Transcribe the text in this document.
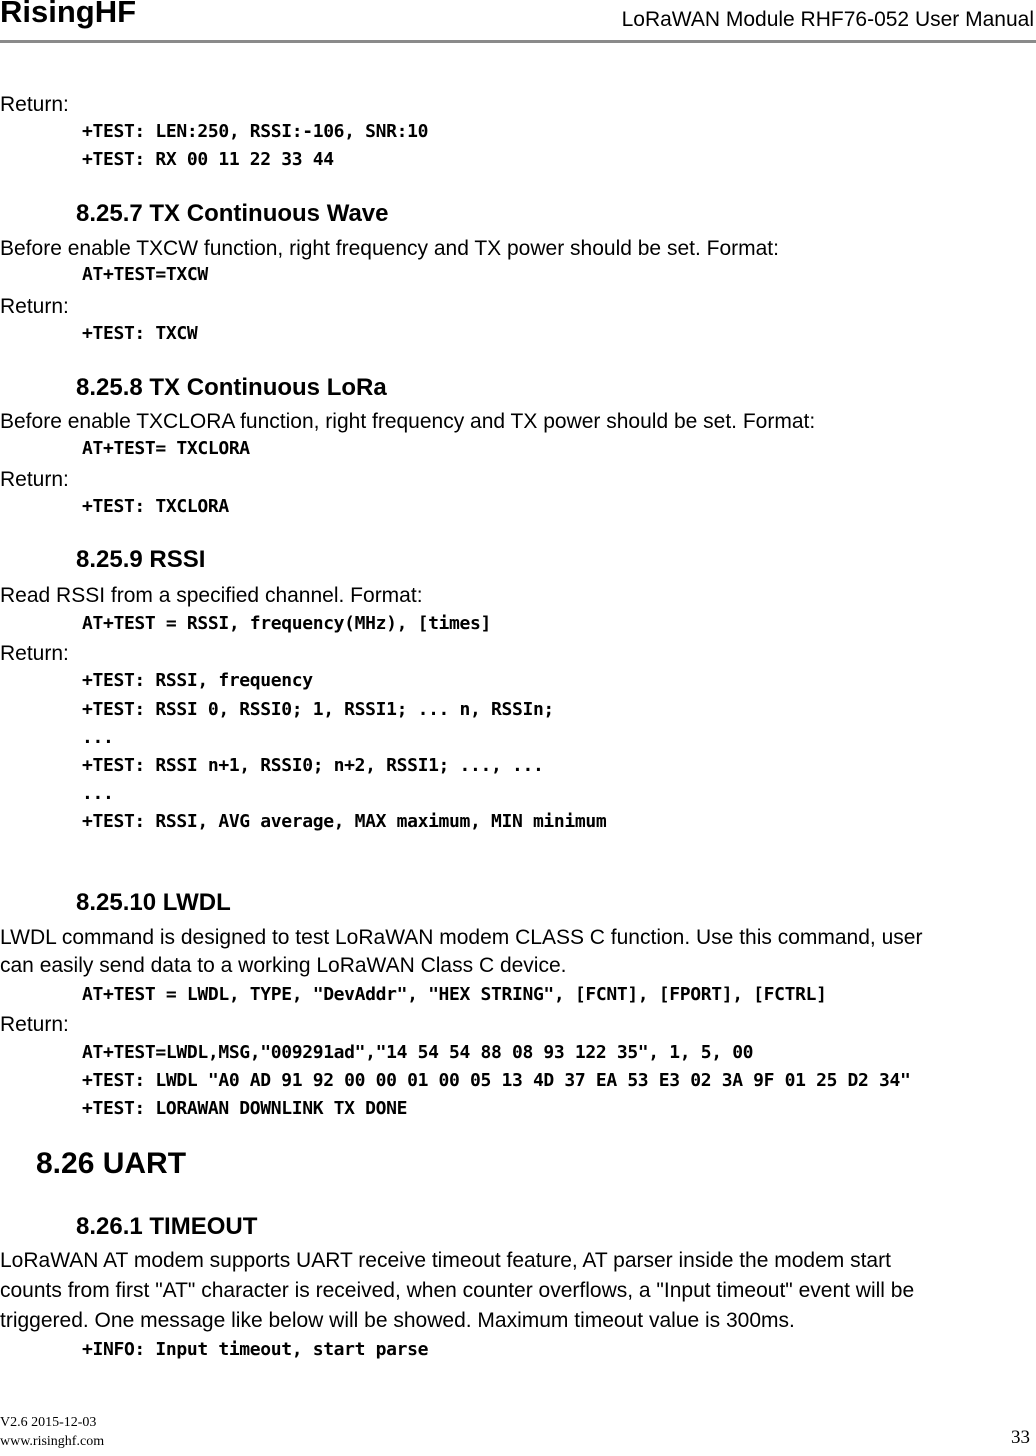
RisingHF	LoRaWAN Module RHF76-052 User Manual
Return:
+TEST: LEN:250, RSSI:-106, SNR:10
+TEST: RX 00 11 22 33 44
8.25.7 TX Continuous Wave
Before enable TXCW function, right frequency and TX power should be set. Format:
AT+TEST=TXCW
Return:
+TEST: TXCW
8.25.8 TX Continuous LoRa
Before enable TXCLORA function, right frequency and TX power should be set. Format:
AT+TEST= TXCLORA
Return:
+TEST: TXCLORA
8.25.9 RSSI
Read RSSI from a specified channel. Format:
AT+TEST = RSSI, frequency(MHz), [times]
Return:
+TEST: RSSI, frequency
+TEST: RSSI 0, RSSI0; 1, RSSI1; ... n, RSSIn;
...
+TEST: RSSI n+1, RSSI0; n+2, RSSI1; ..., ...
...
+TEST: RSSI, AVG average, MAX maximum, MIN minimum
8.25.10 LWDL
LWDL command is designed to test LoRaWAN modem CLASS C function. Use this command, user
can easily send data to a working LoRaWAN Class C device.
AT+TEST = LWDL, TYPE, "DevAddr", "HEX STRING", [FCNT], [FPORT], [FCTRL]
Return:
AT+TEST=LWDL,MSG,"009291ad","14 54 54 88 08 93 122 35", 1, 5, 00
+TEST: LWDL "A0 AD 91 92 00 00 01 00 05 13 4D 37 EA 53 E3 02 3A 9F 01 25 D2 34"
+TEST: LORAWAN DOWNLINK TX DONE
8.26 UART
8.26.1 TIMEOUT
LoRaWAN AT modem supports UART receive timeout feature, AT parser inside the modem start
counts from first "AT" character is received, when counter overflows, a "Input timeout" event will be
triggered. One message like below will be showed. Maximum timeout value is 300ms.
+INFO: Input timeout, start parse
V2.6 2015-12-03
www.risinghf.com	33
